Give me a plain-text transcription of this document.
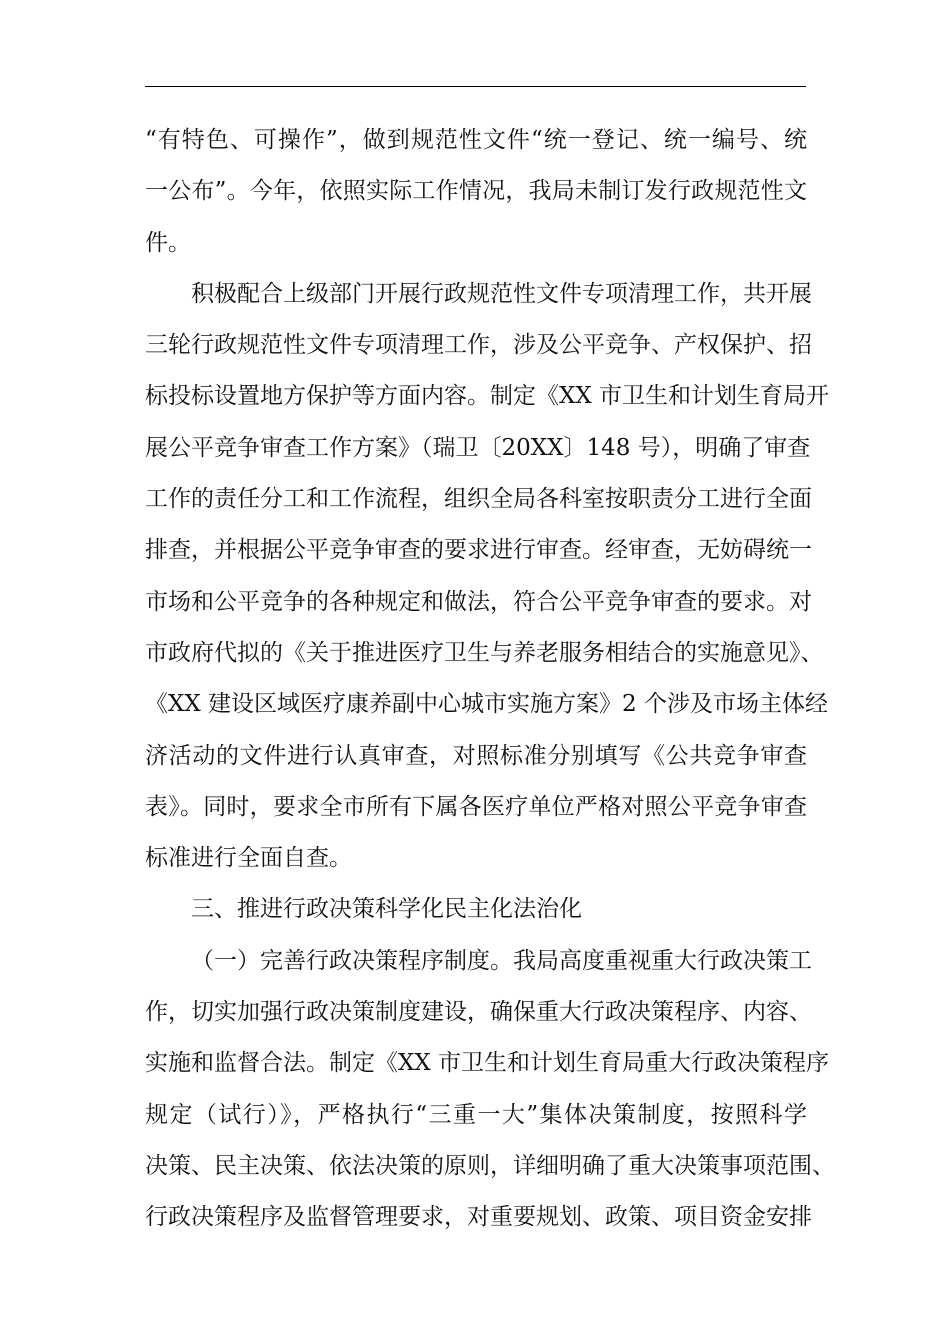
“有特色、可操作”，做到规范性文件“统一登记、统一编号、统
一公布”。今年，依照实际工作情况，我局未制订发行政规范性文
件。
积极配合上级部门开展行政规范性文件专项清理工作，共开展
三轮行政规范性文件专项清理工作，涉及公平竞争、产权保护、招
标投标设置地方保护等方面内容。制定《XX 市卫生和计划生育局开
展公平竞争审查工作方案》（瑞卫〔20XX〕148 号），明确了审查
工作的责任分工和工作流程，组织全局各科室按职责分工进行全面
排查，并根据公平竞争审查的要求进行审查。经审查，无妨碍统一
市场和公平竞争的各种规定和做法，符合公平竞争审查的要求。对
市政府代拟的《关于推进医疗卫生与养老服务相结合的实施意见》、
《XX 建设区域医疗康养副中心城市实施方案》2 个涉及市场主体经
济活动的文件进行认真审查，对照标准分别填写《公共竞争审查
表》。同时，要求全市所有下属各医疗单位严格对照公平竞争审查
标准进行全面自查。
三、推进行政决策科学化民主化法治化
（一）完善行政决策程序制度。我局高度重视重大行政决策工
作，切实加强行政决策制度建设，确保重大行政决策程序、内容、
实施和监督合法。制定《XX 市卫生和计划生育局重大行政决策程序
规定（试行）》，严格执行“三重一大”集体决策制度，按照科学
决策、民主决策、依法决策的原则，详细明确了重大决策事项范围、
行政决策程序及监督管理要求，对重要规划、政策、项目资金安排
